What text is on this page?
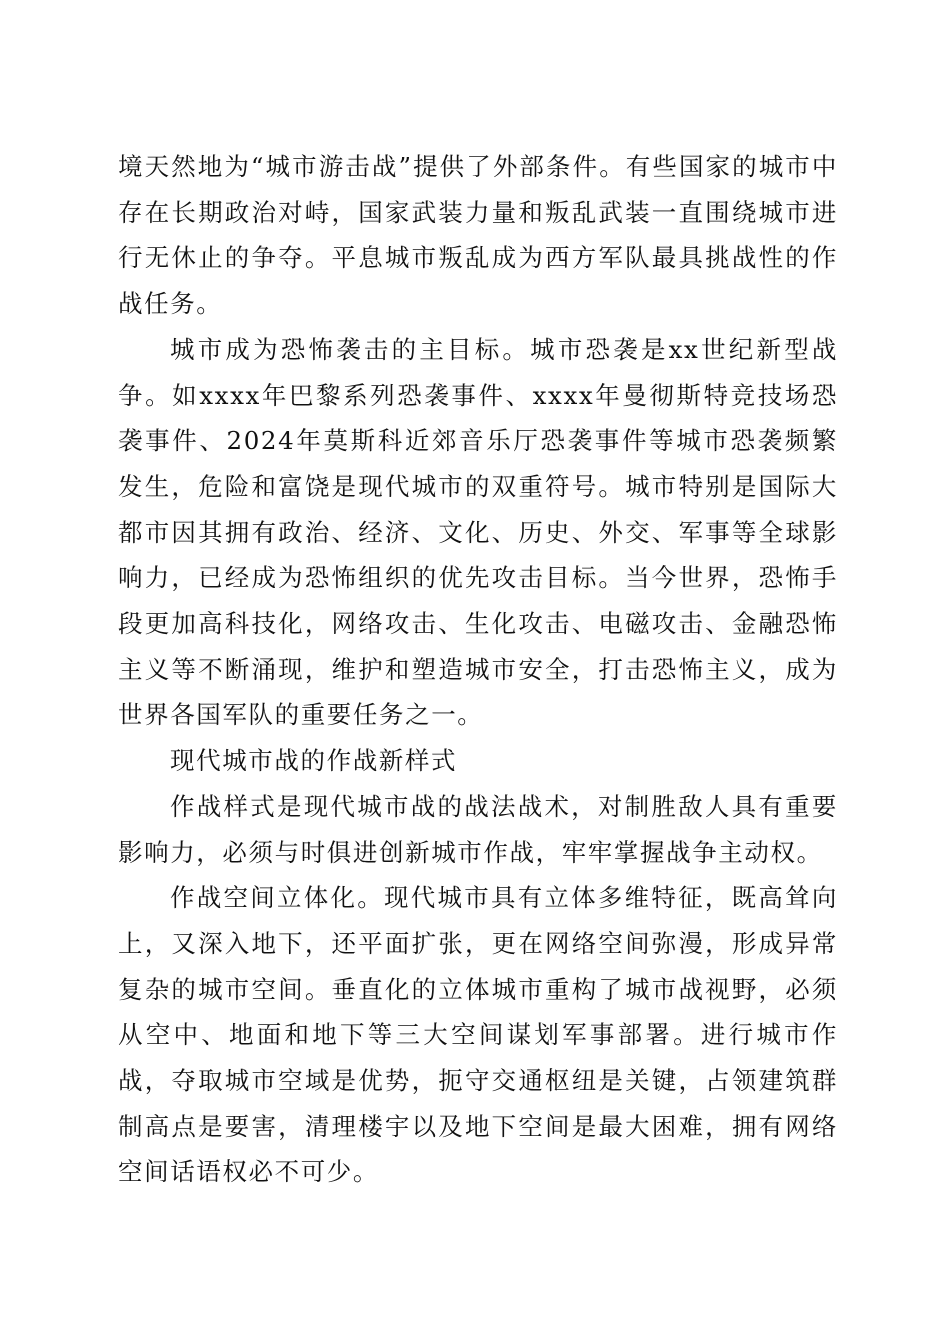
境天然地为“城市游击战”提供了外部条件。有些国家的城市中存在长期政治对峙，国家武装力量和叛乱武装一直围绕城市进行无休止的争夺。平息城市叛乱成为西方军队最具挑战性的作战任务。

城市成为恐怖袭击的主目标。城市恐袭是xx世纪新型战争。如xxxx年巴黎系列恐袭事件、xxxx年曼彻斯特竞技场恐袭事件、2024年莫斯科近郊音乐厅恐袭事件等城市恐袭频繁发生，危险和富饶是现代城市的双重符号。城市特别是国际大都市因其拥有政治、经济、文化、历史、外交、军事等全球影响力，已经成为恐怖组织的优先攻击目标。当今世界，恐怖手段更加高科技化，网络攻击、生化攻击、电磁攻击、金融恐怖主义等不断涌现，维护和塑造城市安全，打击恐怖主义，成为世界各国军队的重要任务之一。

现代城市战的作战新样式

作战样式是现代城市战的战法战术，对制胜敌人具有重要影响力，必须与时俱进创新城市作战，牢牢掌握战争主动权。

作战空间立体化。现代城市具有立体多维特征，既高耸向上，又深入地下，还平面扩张，更在网络空间弥漫，形成异常复杂的城市空间。垂直化的立体城市重构了城市战视野，必须从空中、地面和地下等三大空间谋划军事部署。进行城市作战，夺取城市空域是优势，扼守交通枢纽是关键，占领建筑群制高点是要害，清理楼宇以及地下空间是最大困难，拥有网络空间话语权必不可少。
